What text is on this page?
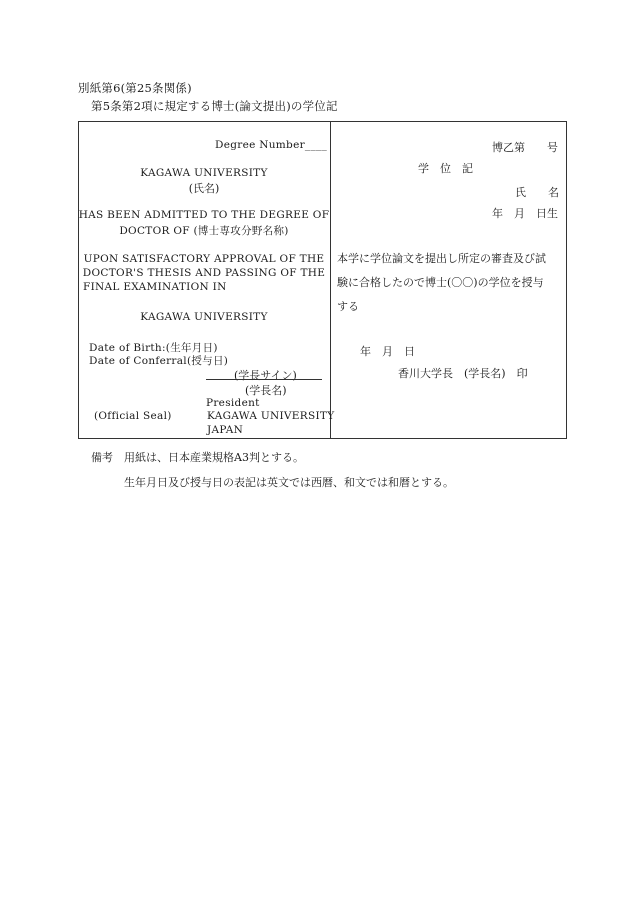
別紙第6(第25条関係)
第5条第2項に規定する博士(論文提出)の学位記
Degree Number____
KAGAWA UNIVERSITY
(氏名)
HAS BEEN ADMITTED TO THE DEGREE OF
DOCTOR OF (博士専攻分野名称)
UPON SATISFACTORY APPROVAL OF THE
DOCTOR'S THESIS AND PASSING OF THE
FINAL EXAMINATION IN
KAGAWA UNIVERSITY
Date of Birth:(生年月日)
Date of Conferral(授与日)
(学長サイン)
(学長名)
President
(Official Seal)	KAGAWA UNIVERSITY
JAPAN
博乙第　　号
学　位　記
氏　　名
年　月　日生
本学に学位論文を提出し所定の審査及び試
験に合格したので博士(〇〇)の学位を授与
する
年　月　日
香川大学長　(学長名)　印
備考　用紙は、日本産業規格A3判とする。
生年月日及び授与日の表記は英文では西暦、和文では和暦とする。
